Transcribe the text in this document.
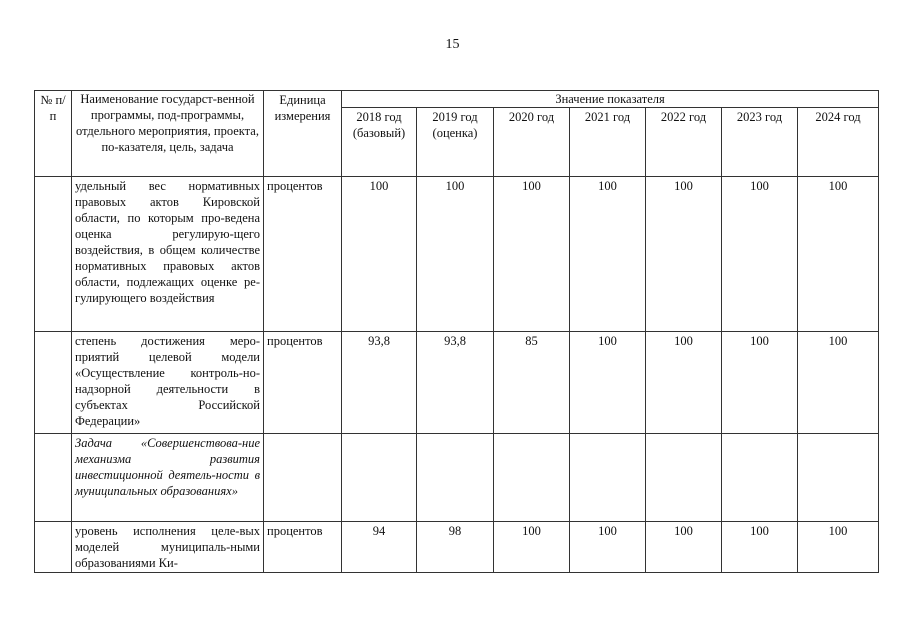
15
№ п/п	Наименование государст-венной программы, под-программы, отдельного мероприятия, проекта, по-казателя, цель, задача	Единица измерения	Значение показателя						
			2018 год (базовый)	2019 год (оценка)	2020 год	2021 год	2022 год	2023 год	2024 год
	удельный вес нормативных правовых актов Кировской области, по которым про-ведена оценка регулирую-щего воздействия, в общем количестве нормативных правовых актов области, подлежащих оценке ре-гулирующего воздействия	процентов	100	100	100	100	100	100	100
	степень достижения меро-приятий целевой модели «Осуществление контроль-но-надзорной деятельности в субъектах Российской Федерации»	процентов	93,8	93,8	85	100	100	100	100
	Задача «Совершенствова-ние механизма развития инвестиционной деятель-ности в муниципальных образованиях»								
	уровень исполнения целе-вых моделей муниципаль-ными образованиями Ки-	процентов	94	98	100	100	100	100	100
